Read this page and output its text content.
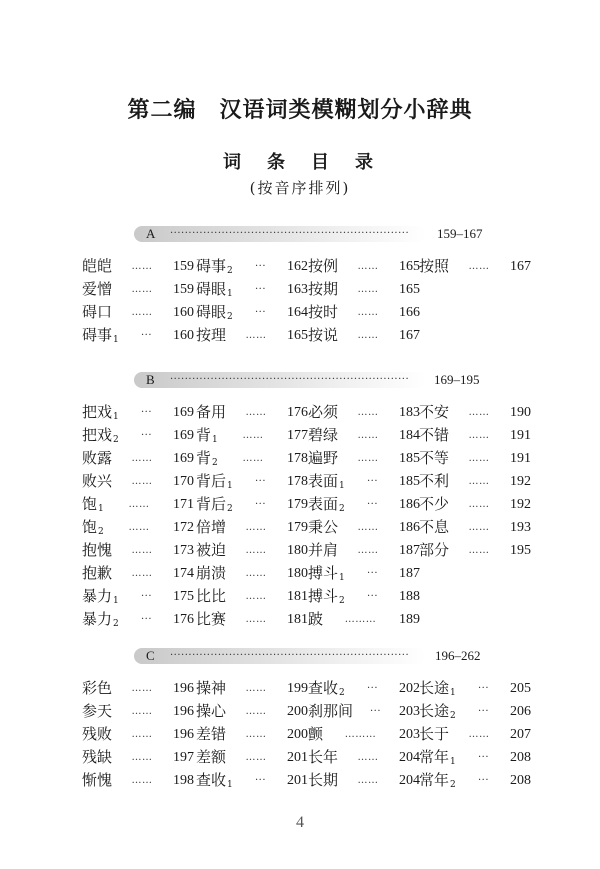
第二编　汉语词类模糊划分小辞典
词　条　目　录
(按音序排列)
A ·································································	159–167
皑皑	……	159
爱憎	……	159
碍口	……	160
碍事$_1$	···	160
碍事$_2$	···	162
碍眼$_1$	···	163
碍眼$_2$	···	164
按理	……	165
按例	……	165
按期	……	165
按时	……	166
按说	……	167
按照	……	167
B ·································································	169–195
把戏$_1$	···	169
把戏$_2$	···	169
败露	……	169
败兴	……	170
饱$_1$	……	171
饱$_2$	……	172
抱愧	……	173
抱歉	……	174
暴力$_1$	···	175
暴力$_2$	···	176
备用	……	176
背$_1$	……	177
背$_2$	……	178
背后$_1$	···	178
背后$_2$	···	179
倍增	……	179
被迫	……	180
崩溃	……	180
比比	……	181
比赛	……	181
必须	……	183
碧绿	……	184
遍野	……	185
表面$_1$	···	185
表面$_2$	···	186
秉公	……	186
并肩	……	187
搏斗$_1$	···	187
搏斗$_2$	···	188
跛	………	189
不安	……	190
不错	……	191
不等	……	191
不利	……	192
不少	……	192
不息	……	193
部分	……	195
C ·································································	196–262
彩色	……	196
参天	……	196
残败	……	196
残缺	……	197
惭愧	……	198
操神	……	199
操心	……	200
差错	……	200
差额	……	201
查收$_1$	···	201
查收$_2$	···	202
刹那间	···	203
颤	………	203
长年	……	204
长期	……	204
长途$_1$	···	205
长途$_2$	···	206
长于	……	207
常年$_1$	···	208
常年$_2$	···	208
4
